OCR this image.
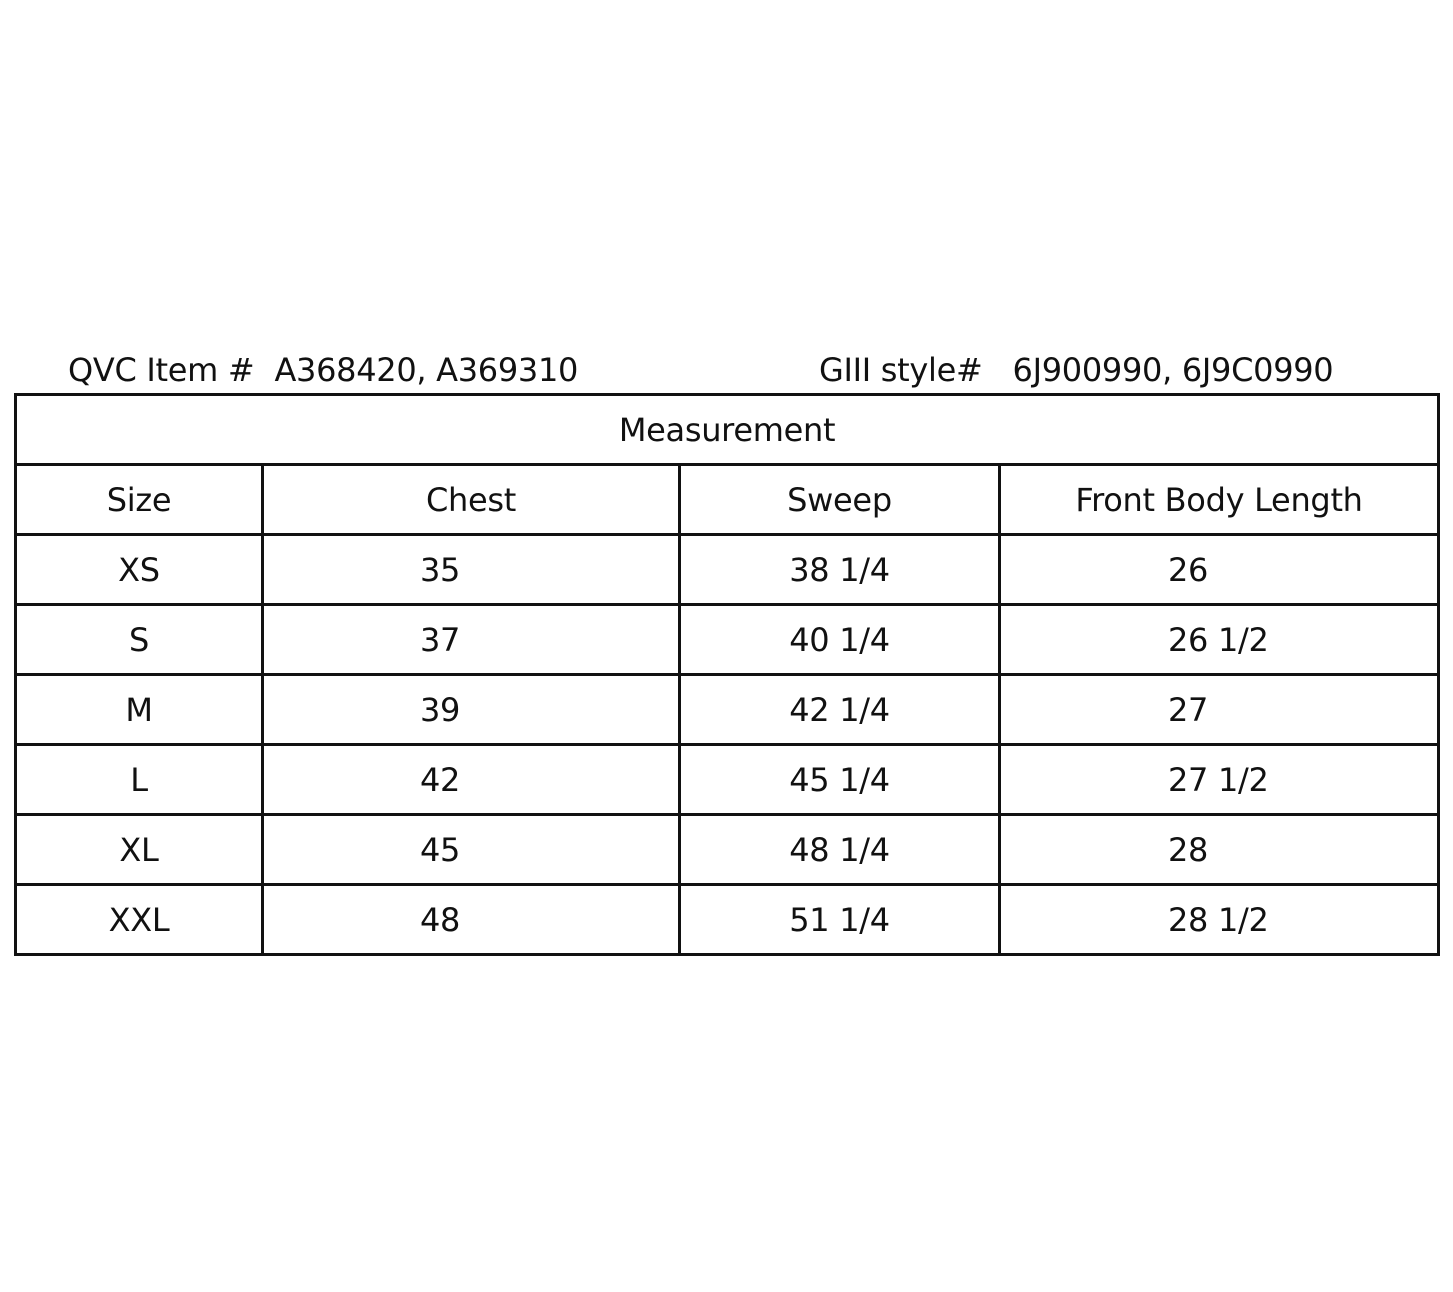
QVC Item # A368420, A369310	GIII style# 6J900990, 6J9C0990
Measurement			
Size	Chest	Sweep	Front Body Length
XS	35	38 1/4	26
S	37	40 1/4	26 1/2
M	39	42 1/4	27
L	42	45 1/4	27 1/2
XL	45	48 1/4	28
XXL	48	51 1/4	28 1/2
